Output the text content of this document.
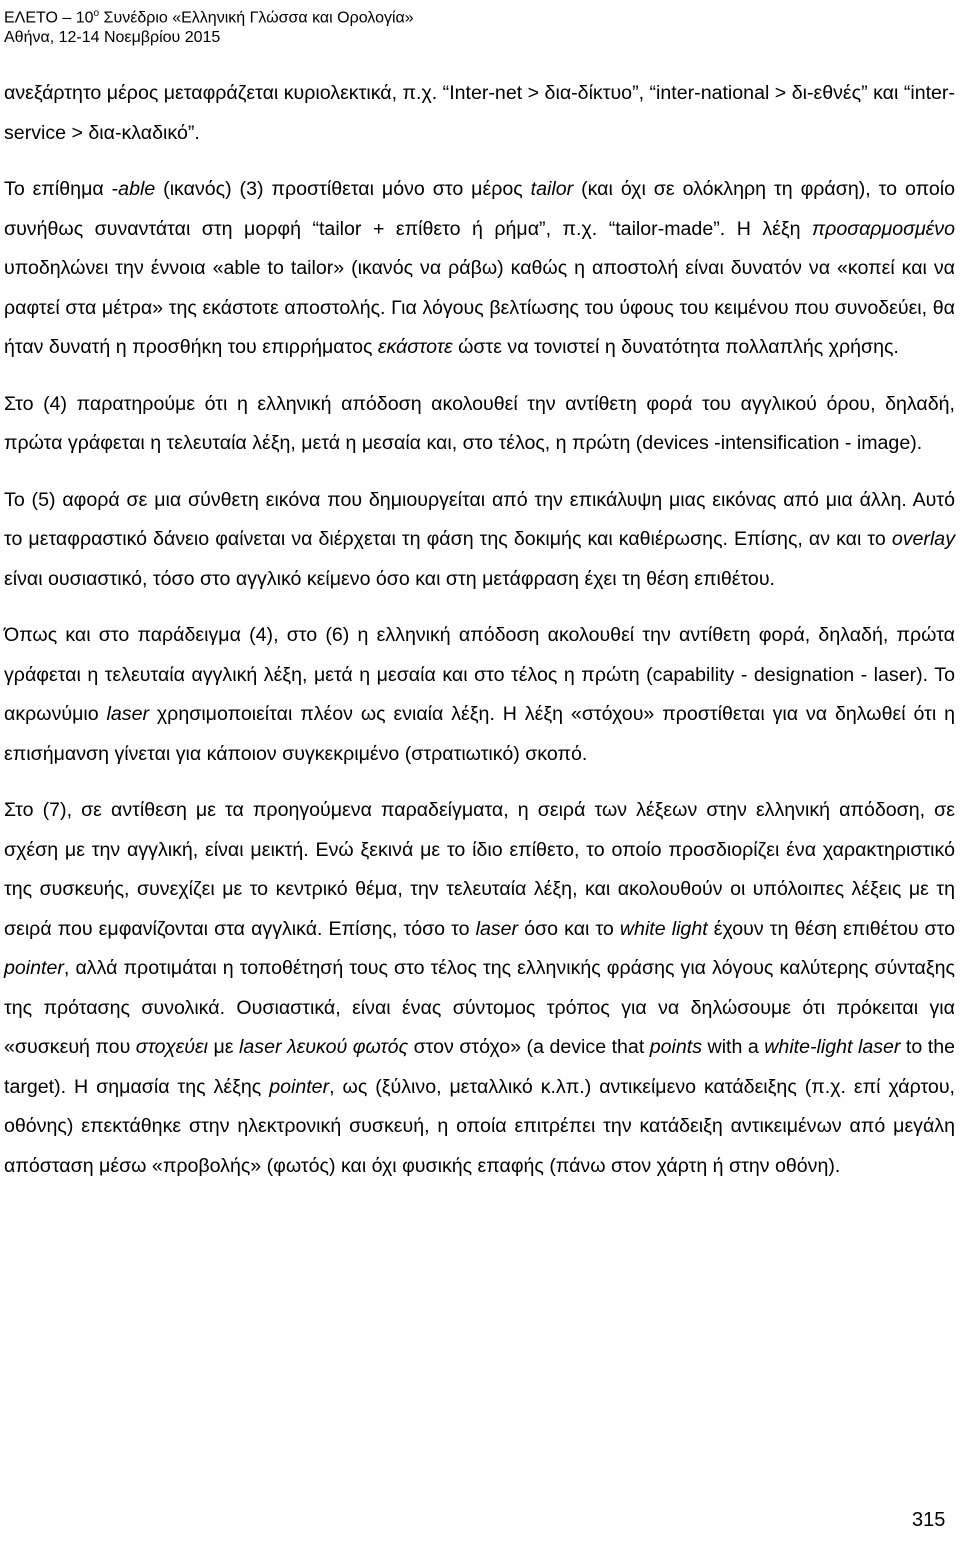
ΕΛΕΤΟ – $10^o$ Συνέδριο «Ελληνική Γλώσσα και Ορολογία»
Αθήνα, 12-14 Νοεμβρίου 2015

ανεξάρτητο μέρος μεταφράζεται κυριολεκτικά, π.χ. “Inter-net > δια-δίκτυο”, “inter-national > δι-εθνές” και “inter-service > δια-κλαδικό”.

Το επίθημα -able (ικανός) (3) προστίθεται μόνο στο μέρος tailor (και όχι σε ολόκληρη τη φράση), το οποίο συνήθως συναντάται στη μορφή “tailor + επίθετο ή ρήμα”, π.χ. “tailor-made”. Η λέξη προσαρμοσμένο υποδηλώνει την έννοια «able to tailor» (ικανός να ράβω) καθώς η αποστολή είναι δυνατόν να «κοπεί και να ραφτεί στα μέτρα» της εκάστοτε αποστολής. Για λόγους βελτίωσης του ύφους του κειμένου που συνοδεύει, θα ήταν δυνατή η προσθήκη του επιρρήματος εκάστοτε ώστε να τονιστεί η δυνατότητα πολλαπλής χρήσης.

Στο (4) παρατηρούμε ότι η ελληνική απόδοση ακολουθεί την αντίθετη φορά του αγγλικού όρου, δηλαδή, πρώτα γράφεται η τελευταία λέξη, μετά η μεσαία και, στο τέλος, η πρώτη (devices -intensification - image).

Το (5) αφορά σε μια σύνθετη εικόνα που δημιουργείται από την επικάλυψη μιας εικόνας από μια άλλη. Αυτό το μεταφραστικό δάνειο φαίνεται να διέρχεται τη φάση της δοκιμής και καθιέρωσης. Επίσης, αν και το overlay είναι ουσιαστικό, τόσο στο αγγλικό κείμενο όσο και στη μετάφραση έχει τη θέση επιθέτου.

Όπως και στο παράδειγμα (4), στο (6) η ελληνική απόδοση ακολουθεί την αντίθετη φορά, δηλαδή, πρώτα γράφεται η τελευταία αγγλική λέξη, μετά η μεσαία και στο τέλος η πρώτη (capability - designation - laser). Το ακρωνύμιο laser χρησιμοποιείται πλέον ως ενιαία λέξη. Η λέξη «στόχου» προστίθεται για να δηλωθεί ότι η επισήμανση γίνεται για κάποιον συγκεκριμένο (στρατιωτικό) σκοπό.

Στο (7), σε αντίθεση με τα προηγούμενα παραδείγματα, η σειρά των λέξεων στην ελληνική απόδοση, σε σχέση με την αγγλική, είναι μεικτή. Ενώ ξεκινά με το ίδιο επίθετο, το οποίο προσδιορίζει ένα χαρακτηριστικό της συσκευής, συνεχίζει με το κεντρικό θέμα, την τελευταία λέξη, και ακολουθούν οι υπόλοιπες λέξεις με τη σειρά που εμφανίζονται στα αγγλικά. Επίσης, τόσο το laser όσο και το white light έχουν τη θέση επιθέτου στο pointer, αλλά προτιμάται η τοποθέτησή τους στο τέλος της ελληνικής φράσης για λόγους καλύτερης σύνταξης της πρότασης συνολικά. Ουσιαστικά, είναι ένας σύντομος τρόπος για να δηλώσουμε ότι πρόκειται για «συσκευή που στοχεύει με laser λευκού φωτός στον στόχο» (a device that points with a white-light laser to the target). Η σημασία της λέξης pointer, ως (ξύλινο, μεταλλικό κ.λπ.) αντικείμενο κατάδειξης (π.χ. επί χάρτου, οθόνης) επεκτάθηκε στην ηλεκτρονική συσκευή, η οποία επιτρέπει την κατάδειξη αντικειμένων από μεγάλη απόσταση μέσω «προβολής» (φωτός) και όχι φυσικής επαφής (πάνω στον χάρτη ή στην οθόνη).

315
